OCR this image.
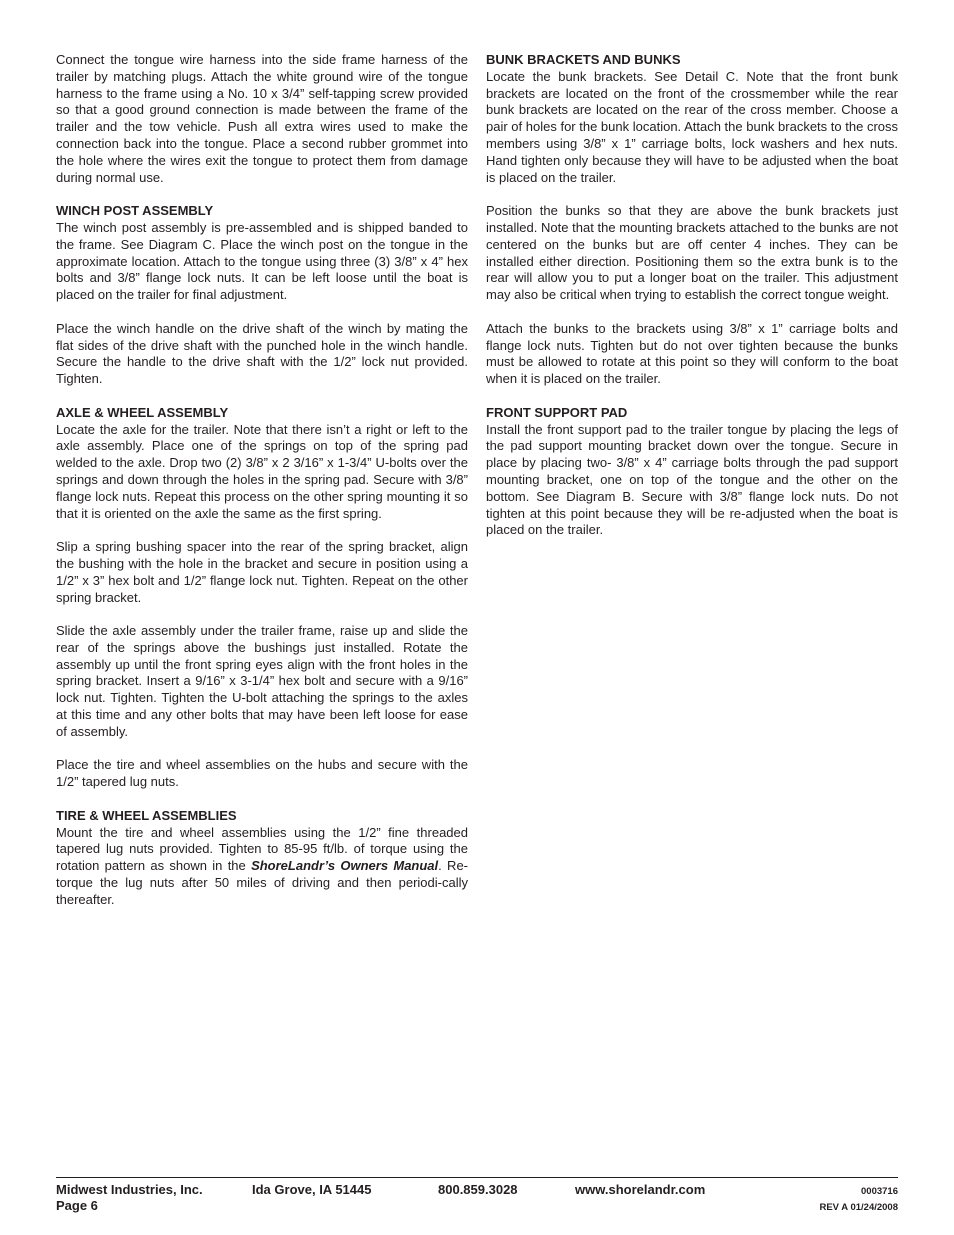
Connect the tongue wire harness into the side frame harness of the trailer by matching plugs. Attach the white ground wire of the tongue harness to the frame using a No. 10 x 3/4” self-tapping screw provided so that a good ground connection is made between the frame of the trailer and the tow vehicle. Push all extra wires used to make the connection back into the tongue. Place a second rubber grommet into the hole where the wires exit the tongue to protect them from damage during normal use.

WINCH POST ASSEMBLY

The winch post assembly is pre-assembled and is shipped banded to the frame. See Diagram C. Place the winch post on the tongue in the approximate location. Attach to the tongue using three (3) 3/8” x 4” hex bolts and 3/8” flange lock nuts. It can be left loose until the boat is placed on the trailer for final adjustment.

Place the winch handle on the drive shaft of the winch by mating the flat sides of the drive shaft with the punched hole in the winch handle. Secure the handle to the drive shaft with the 1/2” lock nut provided. Tighten.

AXLE & WHEEL ASSEMBLY

Locate the axle for the trailer. Note that there isn’t a right or left to the axle assembly. Place one of the springs on top of the spring pad welded to the axle. Drop two (2) 3/8” x 2 3/16” x 1-3/4” U-bolts over the springs and down through the holes in the spring pad. Secure with 3/8” flange lock nuts. Repeat this process on the other spring mounting it so that it is oriented on the axle the same as the first spring.

Slip a spring bushing spacer into the rear of the spring bracket, align the bushing with the hole in the bracket and secure in position using a 1/2” x 3” hex bolt and 1/2” flange lock nut. Tighten. Repeat on the other spring bracket.

Slide the axle assembly under the trailer frame, raise up and slide the rear of the springs above the bushings just installed. Rotate the assembly up until the front spring eyes align with the front holes in the spring bracket. Insert a 9/16” x 3-1/4” hex bolt and secure with a 9/16” lock nut. Tighten. Tighten the U-bolt attaching the springs to the axles at this time and any other bolts that may have been left loose for ease of assembly.

Place the tire and wheel assemblies on the hubs and secure with the 1/2” tapered lug nuts.

TIRE & WHEEL ASSEMBLIES

Mount the tire and wheel assemblies using the 1/2” fine threaded tapered lug nuts provided. Tighten to 85-95 ft/lb. of torque using the rotation pattern as shown in the ShoreLandr’s Owners Manual. Re-torque the lug nuts after 50 miles of driving and then periodi-cally thereafter.

BUNK BRACKETS AND BUNKS

Locate the bunk brackets. See Detail C. Note that the front bunk brackets are located on the front of the crossmember while the rear bunk brackets are located on the rear of the cross member. Choose a pair of holes for the bunk location. Attach the bunk brackets to the cross members using 3/8” x 1” carriage bolts, lock washers and hex nuts. Hand tighten only because they will have to be adjusted when the boat is placed on the trailer.

Position the bunks so that they are above the bunk brackets just installed. Note that the mounting brackets attached to the bunks are not centered on the bunks but are off center 4 inches. They can be installed either direction. Positioning them so the extra bunk is to the rear will allow you to put a longer boat on the trailer. This adjustment may also be critical when trying to establish the correct tongue weight.

Attach the bunks to the brackets using 3/8” x 1” carriage bolts and flange lock nuts. Tighten but do not over tighten because the bunks must be allowed to rotate at this point so they will conform to the boat when it is placed on the trailer.

FRONT SUPPORT PAD

Install the front support pad to the trailer tongue by placing the legs of the pad support mounting bracket down over the tongue. Secure in place by placing two- 3/8” x 4” carriage bolts through the pad support mounting bracket, one on top of the tongue and the other on the bottom. See Diagram B. Secure with 3/8” flange lock nuts. Do not tighten at this point because they will be re-adjusted when the boat is placed on the trailer.

Midwest Industries, Inc.	Ida Grove, IA 51445	800.859.3028	www.shorelandr.com
Page 6
0003716
REV A 01/24/2008
